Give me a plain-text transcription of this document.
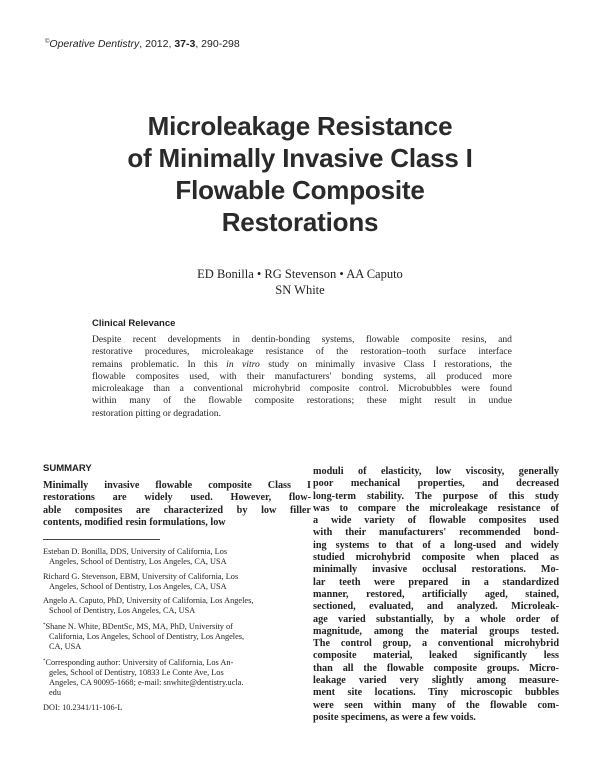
©Operative Dentistry, 2012, 37-3, 290-298
Microleakage Resistance
of Minimally Invasive Class I
Flowable Composite
Restorations
ED Bonilla • RG Stevenson • AA Caputo
SN White
Clinical Relevance
Despite recent developments in dentin-bonding systems, flowable composite resins, and
restorative procedures, microleakage resistance of the restoration–tooth surface interface
remains problematic. In this in vitro study on minimally invasive Class I restorations, the
flowable composites used, with their manufacturers' bonding systems, all produced more
microleakage than a conventional microhybrid composite control. Microbubbles were found
within many of the flowable composite restorations; these might result in undue
restoration pitting or degradation.
SUMMARY
Minimally invasive flowable composite Class I
restorations are widely used. However, flow-
able composites are characterized by low filler
contents, modified resin formulations, low
moduli of elasticity, low viscosity, generally
poor mechanical properties, and decreased
long-term stability. The purpose of this study
was to compare the microleakage resistance of
a wide variety of flowable composites used
with their manufacturers' recommended bond-
ing systems to that of a long-used and widely
studied microhybrid composite when placed as
minimally invasive occlusal restorations. Mo-
lar teeth were prepared in a standardized
manner, restored, artificially aged, stained,
sectioned, evaluated, and analyzed. Microleak-
age varied substantially, by a whole order of
magnitude, among the material groups tested.
The control group, a conventional microhybrid
composite material, leaked significantly less
than all the flowable composite groups. Micro-
leakage varied very slightly among measure-
ment site locations. Tiny microscopic bubbles
were seen within many of the flowable com-
posite specimens, as were a few voids.

Esteban D. Bonilla, DDS, University of California, Los
Angeles, School of Dentistry, Los Angeles, CA, USA

Richard G. Stevenson, EBM, University of California, Los
Angeles, School of Dentistry, Los Angeles, CA, USA

Angelo A. Caputo, PhD, University of California, Los Angeles,
School of Dentistry, Los Angeles, CA, USA

*Shane N. White, BDentSc, MS, MA, PhD, University of
California, Los Angeles, School of Dentistry, Los Angeles,
CA, USA

*Corresponding author: University of California, Los An-
geles, School of Dentistry, 10833 Le Conte Ave, Los
Angeles, CA 90095-1668; e-mail: snwhite@dentistry.ucla.
edu

DOI: 10.2341/11-106-L
